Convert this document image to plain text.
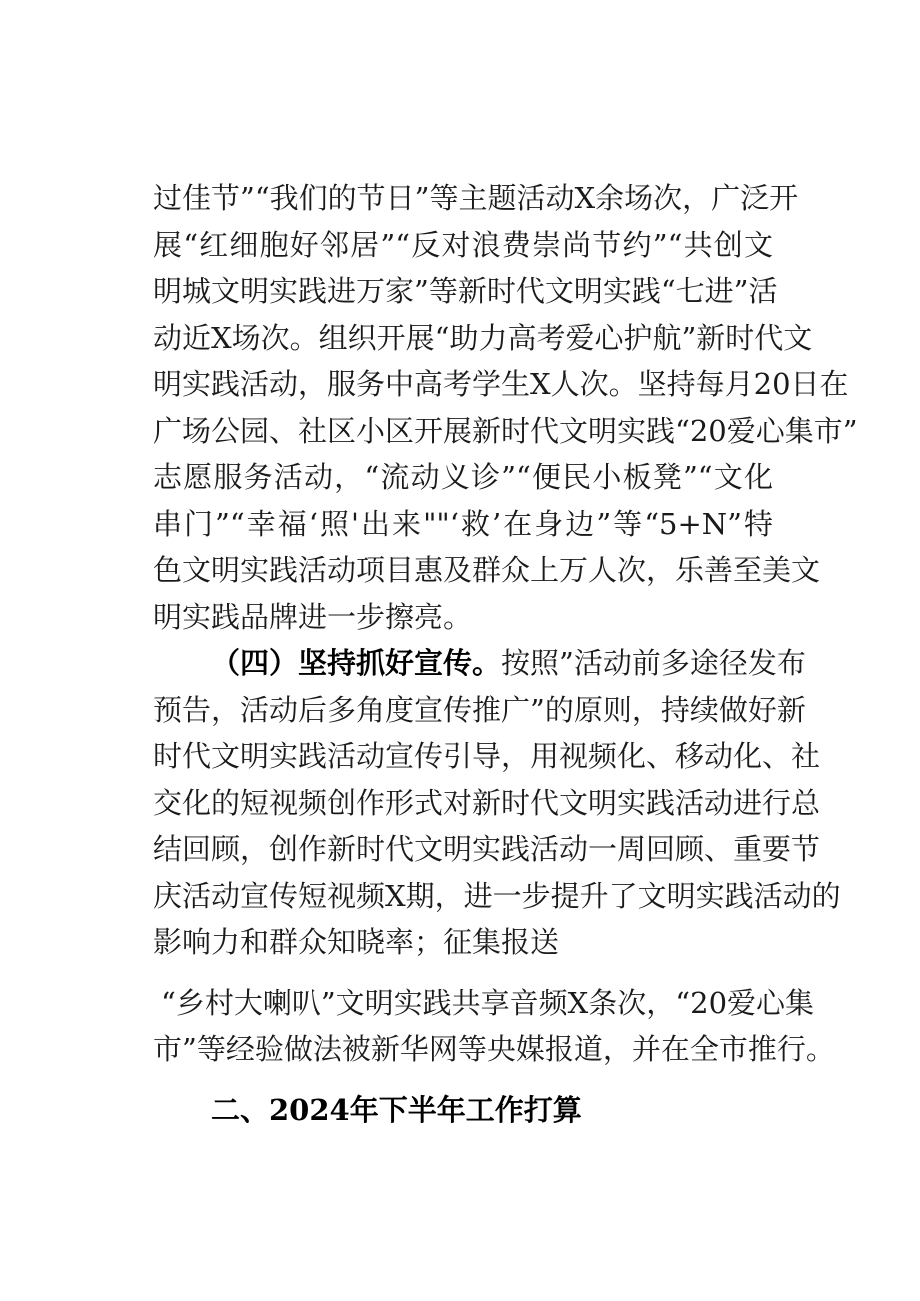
过佳节”“我们的节日”等主题活动X余场次，广泛开
展“红细胞好邻居”“反对浪费崇尚节约”“共创文
明城文明实践进万家”等新时代文明实践“七进”活
动近X场次。组织开展“助力高考爱心护航”新时代文
明实践活动，服务中高考学生X人次。坚持每月20日在
广场公园、社区小区开展新时代文明实践“20爱心集市”
志愿服务活动，“流动义诊”“便民小板凳”“文化
串门”“幸福‘照'出来""‘救’在身边”等“5+N”特
色文明实践活动项目惠及群众上万人次，乐善至美文
明实践品牌进一步擦亮。
（四）坚持抓好宣传。按照”活动前多途径发布
预告，活动后多角度宣传推广”的原则，持续做好新
时代文明实践活动宣传引导，用视频化、移动化、社
交化的短视频创作形式对新时代文明实践活动进行总
结回顾，创作新时代文明实践活动一周回顾、重要节
庆活动宣传短视频X期，进一步提升了文明实践活动的
影响力和群众知晓率；征集报送
“乡村大喇叭”文明实践共享音频X条次，“20爱心集
市”等经验做法被新华网等央媒报道，并在全市推行。
二、2024年下半年工作打算
